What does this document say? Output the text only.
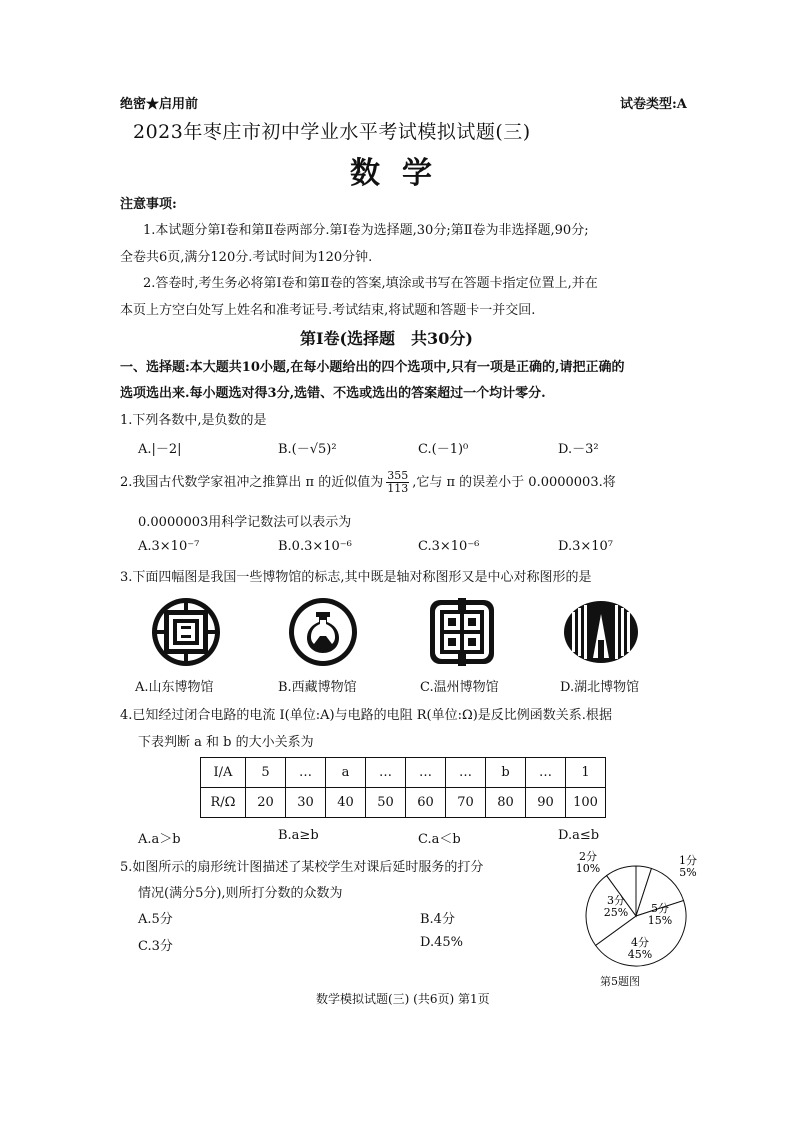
绝密★启用前	试卷类型:A
2023年枣庄市初中学业水平考试模拟试题(三)
数学
注意事项:
1.本试题分第Ⅰ卷和第Ⅱ卷两部分.第Ⅰ卷为选择题,30分;第Ⅱ卷为非选择题,90分;
全卷共6页,满分120分.考试时间为120分钟.
2.答卷时,考生务必将第Ⅰ卷和第Ⅱ卷的答案,填涂或书写在答题卡指定位置上,并在
本页上方空白处写上姓名和准考证号.考试结束,将试题和答题卡一并交回.
第Ⅰ卷(选择题　共30分)
一、选择题:本大题共10小题,在每小题给出的四个选项中,只有一项是正确的,请把正确的
选项选出来.每小题选对得3分,选错、不选或选出的答案超过一个均计零分.
1.下列各数中,是负数的是
A.|－2|	B.(－√5)²	C.(－1)⁰	D.－3²
2.我国古代数学家祖冲之推算出 π 的近似值为 $\frac{355}{113}$ ,它与 π 的误差小于 0.0000003.将
0.0000003用科学记数法可以表示为
A.3×10⁻⁷	B.0.3×10⁻⁶	C.3×10⁻⁶	D.3×10⁷
3.下面四幅图是我国一些博物馆的标志,其中既是轴对称图形又是中心对称图形的是
A.山东博物馆	B.西藏博物馆	C.温州博物馆	D.湖北博物馆
4.已知经过闭合电路的电流 I(单位:A)与电路的电阻 R(单位:Ω)是反比例函数关系.根据
下表判断 a 和 b 的大小关系为
I/A	5	…	a	…	…	…	b	…	1
R/Ω	20	30	40	50	60	70	80	90	100
A.a＞b	B.a≥b	C.a＜b	D.a≤b
5.如图所示的扇形统计图描述了某校学生对课后延时服务的打分
情况(满分5分),则所打分数的众数为
A.5分	B.4分
C.3分	D.45%
3分
25%
4分
45%
5分
15%
1分
5%
2分
10%
第5题图
数学模拟试题(三) (共6页) 第1页
